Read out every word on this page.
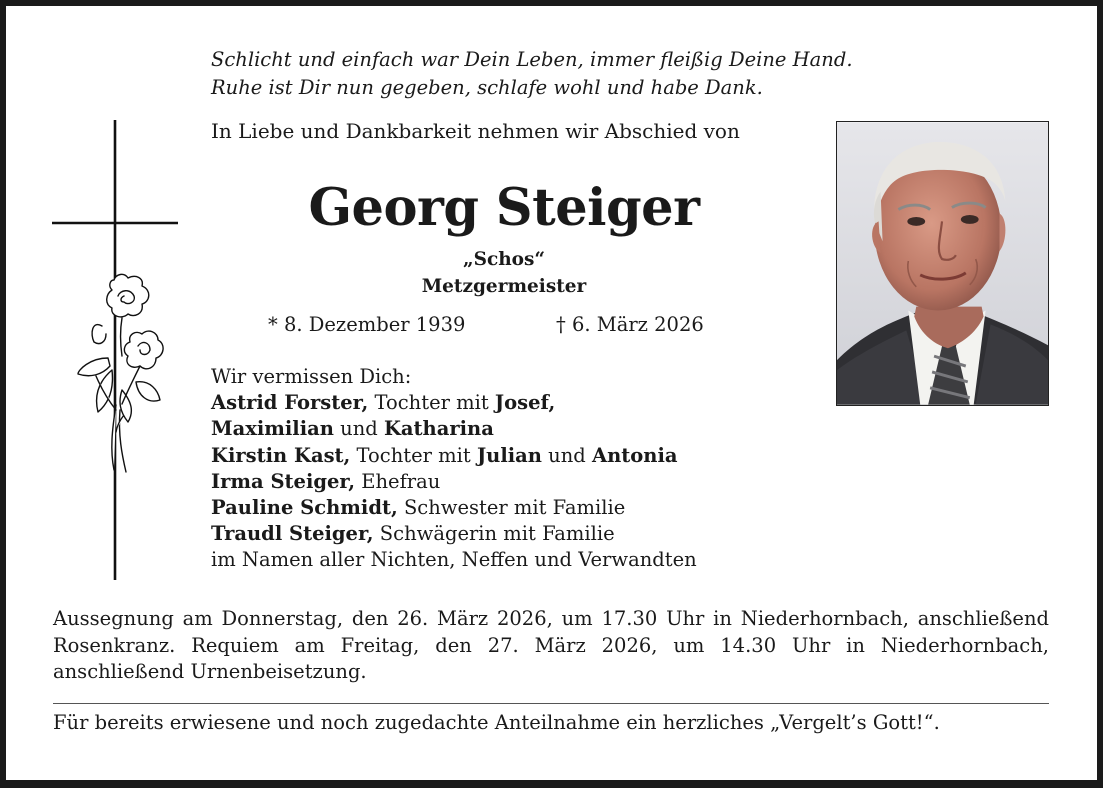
Schlicht und einfach war Dein Leben, immer fleißig Deine Hand.
Ruhe ist Dir nun gegeben, schlafe wohl und habe Dank.
In Liebe und Dankbarkeit nehmen wir Abschied von
Georg Steiger
„Schos“
Metzgermeister
* 8. Dezember 1939	† 6. März 2026
Wir vermissen Dich:
Astrid Forster, Tochter mit Josef,
Maximilian und Katharina
Kirstin Kast, Tochter mit Julian und Antonia
Irma Steiger, Ehefrau
Pauline Schmidt, Schwester mit Familie
Traudl Steiger, Schwägerin mit Familie
im Namen aller Nichten, Neffen und Verwandten
Aussegnung am Donnerstag, den 26. März 2026, um 17.30 Uhr in Niederhornbach, anschließend Rosenkranz. Requiem am Freitag, den 27. März 2026, um 14.30 Uhr in Niederhornbach, anschließend Urnenbeisetzung.
Für bereits erwiesene und noch zugedachte Anteilnahme ein herzliches „Vergelt’s Gott!“.
